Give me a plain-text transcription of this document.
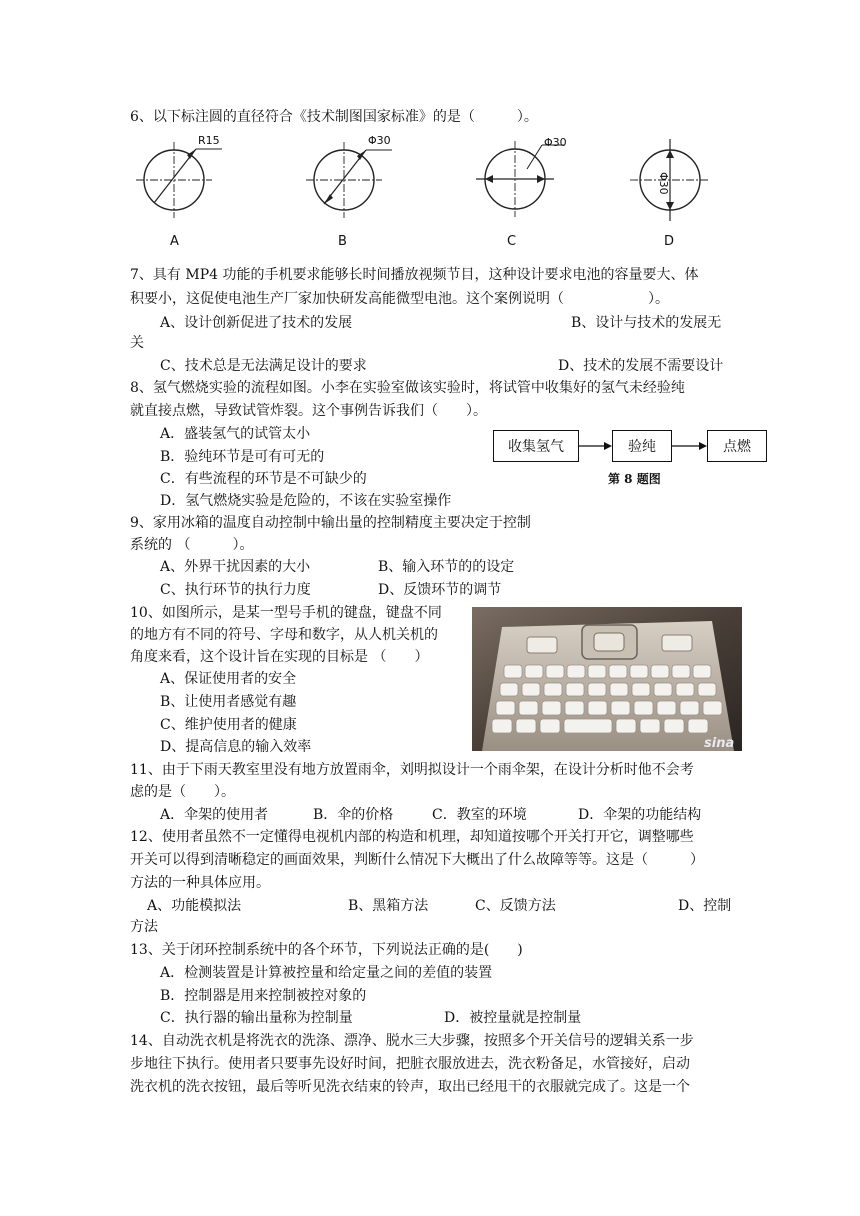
6、以下标注圆的直径符合《技术制图国家标准》的是（　　　）。
R15	Φ30	Φ30
Φ30
A	B	C	D
7、具有 MP4 功能的手机要求能够长时间播放视频节目，这种设计要求电池的容量要大、体
积要小，这促使电池生产厂家加快研发高能微型电池。这个案例说明（　　　　　　）。
A、设计创新促进了技术的发展	B、设计与技术的发展无
关
C、技术总是无法满足设计的要求	D、技术的发展不需要设计
8、氢气燃烧实验的流程如图。小李在实验室做该实验时，将试管中收集好的氢气未经验纯
就直接点燃，导致试管炸裂。这个事例告诉我们（　　）。
A．盛装氢气的试管太小
B．验纯环节是可有可无的
C．有些流程的环节是不可缺少的
D．氢气燃烧实验是危险的，不该在实验室操作
收集氢气	验纯	点燃
第 8 题图
9、家用冰箱的温度自动控制中输出量的控制精度主要决定于控制
系统的 （　　　）。
A、外界干扰因素的大小	B、输入环节的的设定
C、执行环节的执行力度	D、反馈环节的调节
10、如图所示，是某一型号手机的键盘，键盘不同
的地方有不同的符号、字母和数字，从人机关机的
角度来看，这个设计旨在实现的目标是 （　　）
A、保证使用者的安全
B、让使用者感觉有趣
C、维护使用者的健康
D、提高信息的输入效率	sina
11、由于下雨天教室里没有地方放置雨伞，刘明拟设计一个雨伞架，在设计分析时他不会考
虑的是（　　）。
A．伞架的使用者	B．伞的价格	C．教室的环境	D．伞架的功能结构
12、使用者虽然不一定懂得电视机内部的构造和机理，却知道按哪个开关打开它，调整哪些
开关可以得到清晰稳定的画面效果，判断什么情况下大概出了什么故障等等。这是（　　　）
方法的一种具体应用。
A、功能模拟法	B、黑箱方法	C、反馈方法	D、控制
方法
13、关于闭环控制系统中的各个环节，下列说法正确的是(　　)
A．检测装置是计算被控量和给定量之间的差值的装置
B．控制器是用来控制被控对象的
C．执行器的输出量称为控制量	D．被控量就是控制量
14、自动洗衣机是将洗衣的洗涤、漂净、脱水三大步骤，按照多个开关信号的逻辑关系一步
步地往下执行。使用者只要事先设好时间，把脏衣服放进去，洗衣粉备足，水管接好，启动
洗衣机的洗衣按钮，最后等听见洗衣结束的铃声，取出已经甩干的衣服就完成了。这是一个
